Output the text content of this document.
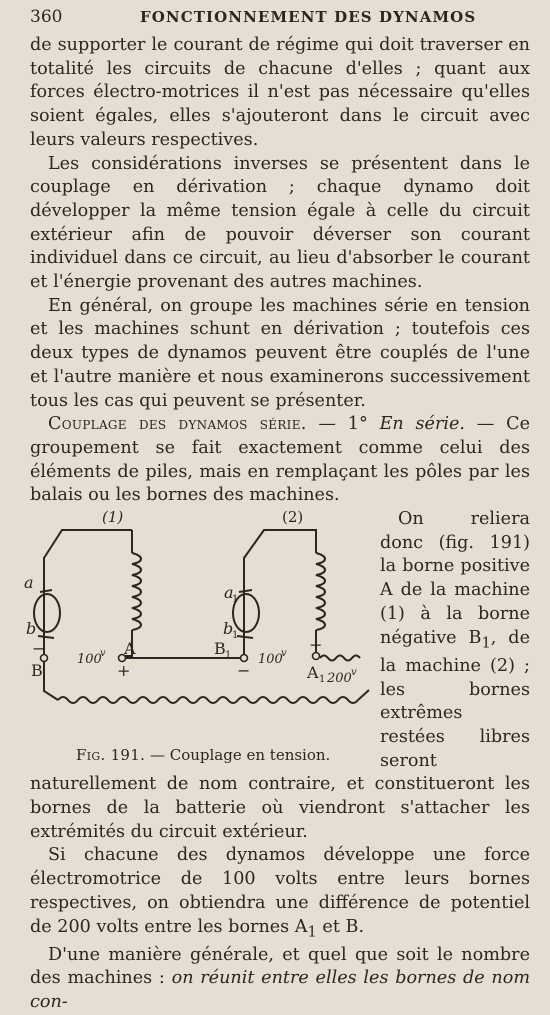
360	FONCTIONNEMENT DES DYNAMOS

de supporter le courant de régime qui doit traverser en totalité les circuits de chacune d'elles ; quant aux forces électro-motrices il n'est pas nécessaire qu'elles soient égales, elles s'ajouteront dans le circuit avec leurs valeurs respectives.

Les considérations inverses se présentent dans le couplage en dérivation ; chaque dynamo doit développer la même tension égale à celle du circuit extérieur afin de pouvoir déverser son courant individuel dans ce circuit, au lieu d'absorber le courant et l'énergie provenant des autres machines.

En général, on groupe les machines série en tension et les machines schunt en dérivation ; toutefois ces deux types de dynamos peuvent être couplés de l'une et l'autre manière et nous examinerons successivement tous les cas qui peuvent se présenter.

Couplage des dynamos série. — 1° En série. — Ce groupement se fait exactement comme celui des éléments de piles, mais en remplaçant les pôles par les balais ou les bornes des machines.

(1)	(2)
a
b
a
1
b
1
−
B
A
+
B 1
−
+
A 1
100
v	100
v
200 v
Fig. 191. — Couplage en tension.

On reliera donc (fig. 191) la borne positive A de la machine (1) à la borne négative $B_1$, de la machine (2) ; les bornes extrêmes restées libres seront naturellement de nom contraire, et constitueront les bornes de la batterie où viendront s'attacher les extrémités du circuit extérieur.

Si chacune des dynamos développe une force électromotrice de 100 volts entre leurs bornes respectives, on obtiendra une différence de potentiel de 200 volts entre les bornes $A_1$ et B.

D'une manière générale, et quel que soit le nombre des machines : on réunit entre elles les bornes de nom con-
